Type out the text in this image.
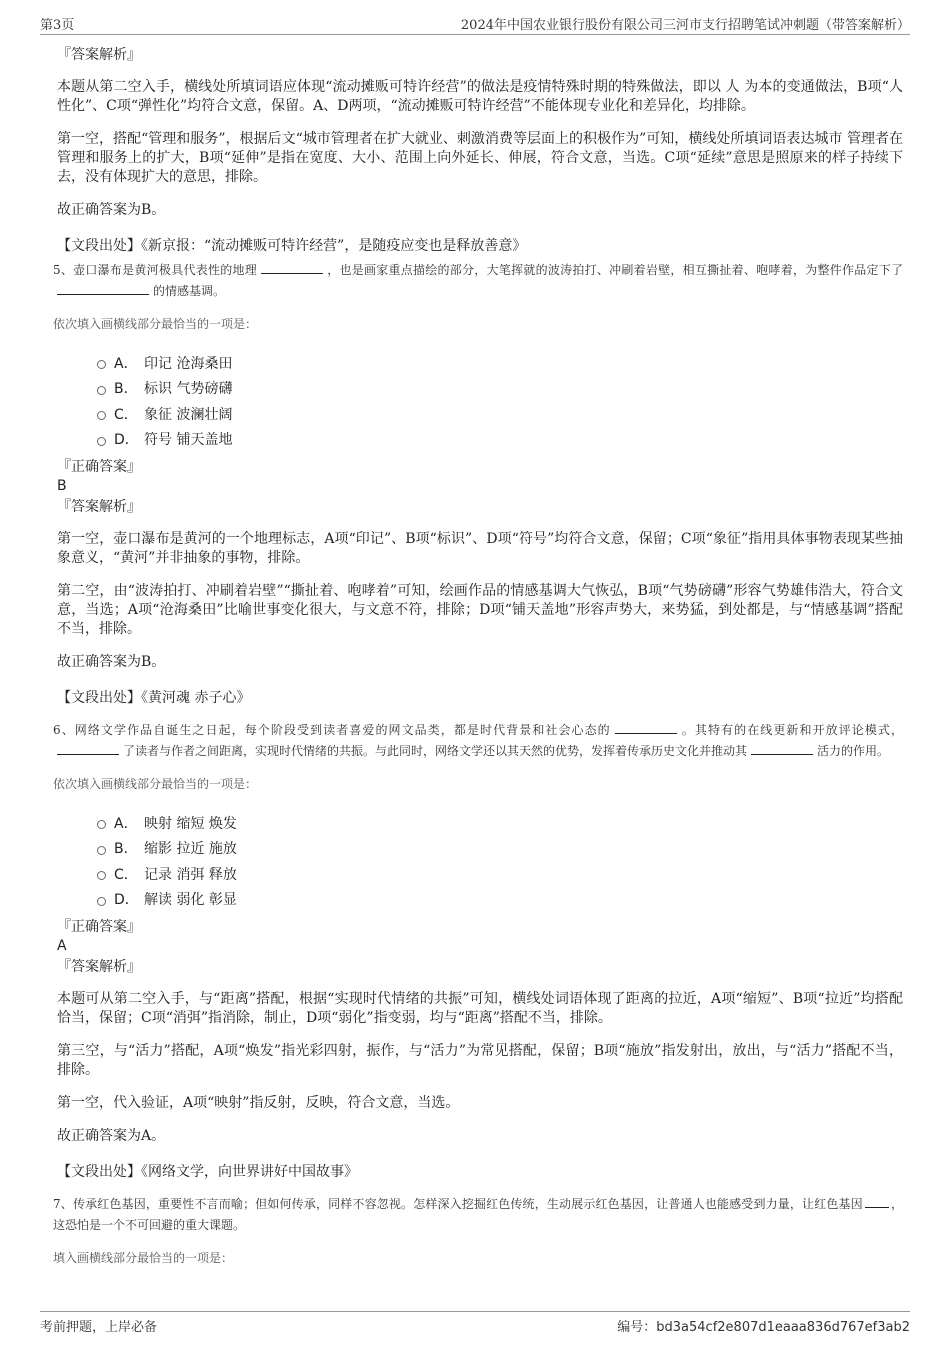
第3页	2024年中国农业银行股份有限公司三河市支行招聘笔试冲刺题（带答案解析）
『答案解析』
本题从第二空入手，横线处所填词语应体现“流动摊贩可特许经营”的做法是疫情特殊时期的特殊做法，即以 人 为本的变通做法，B项“人性化”、C项“弹性化”均符合文意，保留。A、D两项，“流动摊贩可特许经营”不能体现专业化和差异化，均排除。
第一空，搭配“管理和服务”，根据后文“城市管理者在扩大就业、刺激消费等层面上的积极作为”可知，横线处所填词语表达城市 管理者在管理和服务上的扩大，B项“延伸”是指在宽度、大小、范围上向外延长、伸展，符合文意，当选。C项“延续”意思是照原来的样子持续下去，没有体现扩大的意思，排除。
故正确答案为B。
【文段出处】《新京报：“流动摊贩可特许经营”，是随疫应变也是释放善意》
5、壶口瀑布是黄河极具代表性的地理	，也是画家重点描绘的部分，大笔挥就的波涛拍打、冲刷着岩壁，相互撕扯着、咆哮着，为整件作品定下了的情感基调。
依次填入画横线部分最恰当的一项是：
A． 印记 沧海桑田
B． 标识 气势磅礴
C． 象征 波澜壮阔
D． 符号 铺天盖地
『正确答案』
B
『答案解析』
第一空，壶口瀑布是黄河的一个地理标志，A项“印记”、B项“标识”、D项“符号”均符合文意，保留；C项“象征”指用具体事物表现某些抽象意义，“黄河”并非抽象的事物，排除。
第二空，由“波涛拍打、冲刷着岩壁”“撕扯着、咆哮着”可知，绘画作品的情感基调大气恢弘，B项“气势磅礴”形容气势雄伟浩大，符合文意，当选；A项“沧海桑田”比喻世事变化很大，与文意不符，排除；D项“铺天盖地”形容声势大，来势猛，到处都是，与“情感基调”搭配不当，排除。
故正确答案为B。
【文段出处】《黄河魂 赤子心》
6、网络文学作品自诞生之日起，每个阶段受到读者喜爱的网文品类，都是时代背景和社会心态的	。其特有的在线更新和开放评论模式，了读者与作者之间距离，实现时代情绪的共振。与此同时，网络文学还以其天然的优势，发挥着传承历史文化并推动其	活力的作用。
依次填入画横线部分最恰当的一项是：
A． 映射 缩短 焕发
B． 缩影 拉近 施放
C． 记录 消弭 释放
D． 解读 弱化 彰显
『正确答案』
A
『答案解析』
本题可从第二空入手，与“距离”搭配，根据“实现时代情绪的共振”可知，横线处词语体现了距离的拉近，A项“缩短”、B项“拉近”均搭配恰当，保留；C项“消弭”指消除，制止，D项“弱化”指变弱，均与“距离”搭配不当，排除。
第三空，与“活力”搭配，A项“焕发”指光彩四射，振作，与“活力”为常见搭配，保留；B项“施放”指发射出，放出，与“活力”搭配不当，排除。
第一空，代入验证，A项“映射”指反射，反映，符合文意，当选。
故正确答案为A。
【文段出处】《网络文学，向世界讲好中国故事》
7、传承红色基因，重要性不言而喻；但如何传承，同样不容忽视。怎样深入挖掘红色传统，生动展示红色基因，让普通人也能感受到力量，让红色基因 ，这恐怕是一个不可回避的重大课题。
填入画横线部分最恰当的一项是：
考前押题，上岸必备	编号：bd3a54cf2e807d1eaaa836d767ef3ab2
